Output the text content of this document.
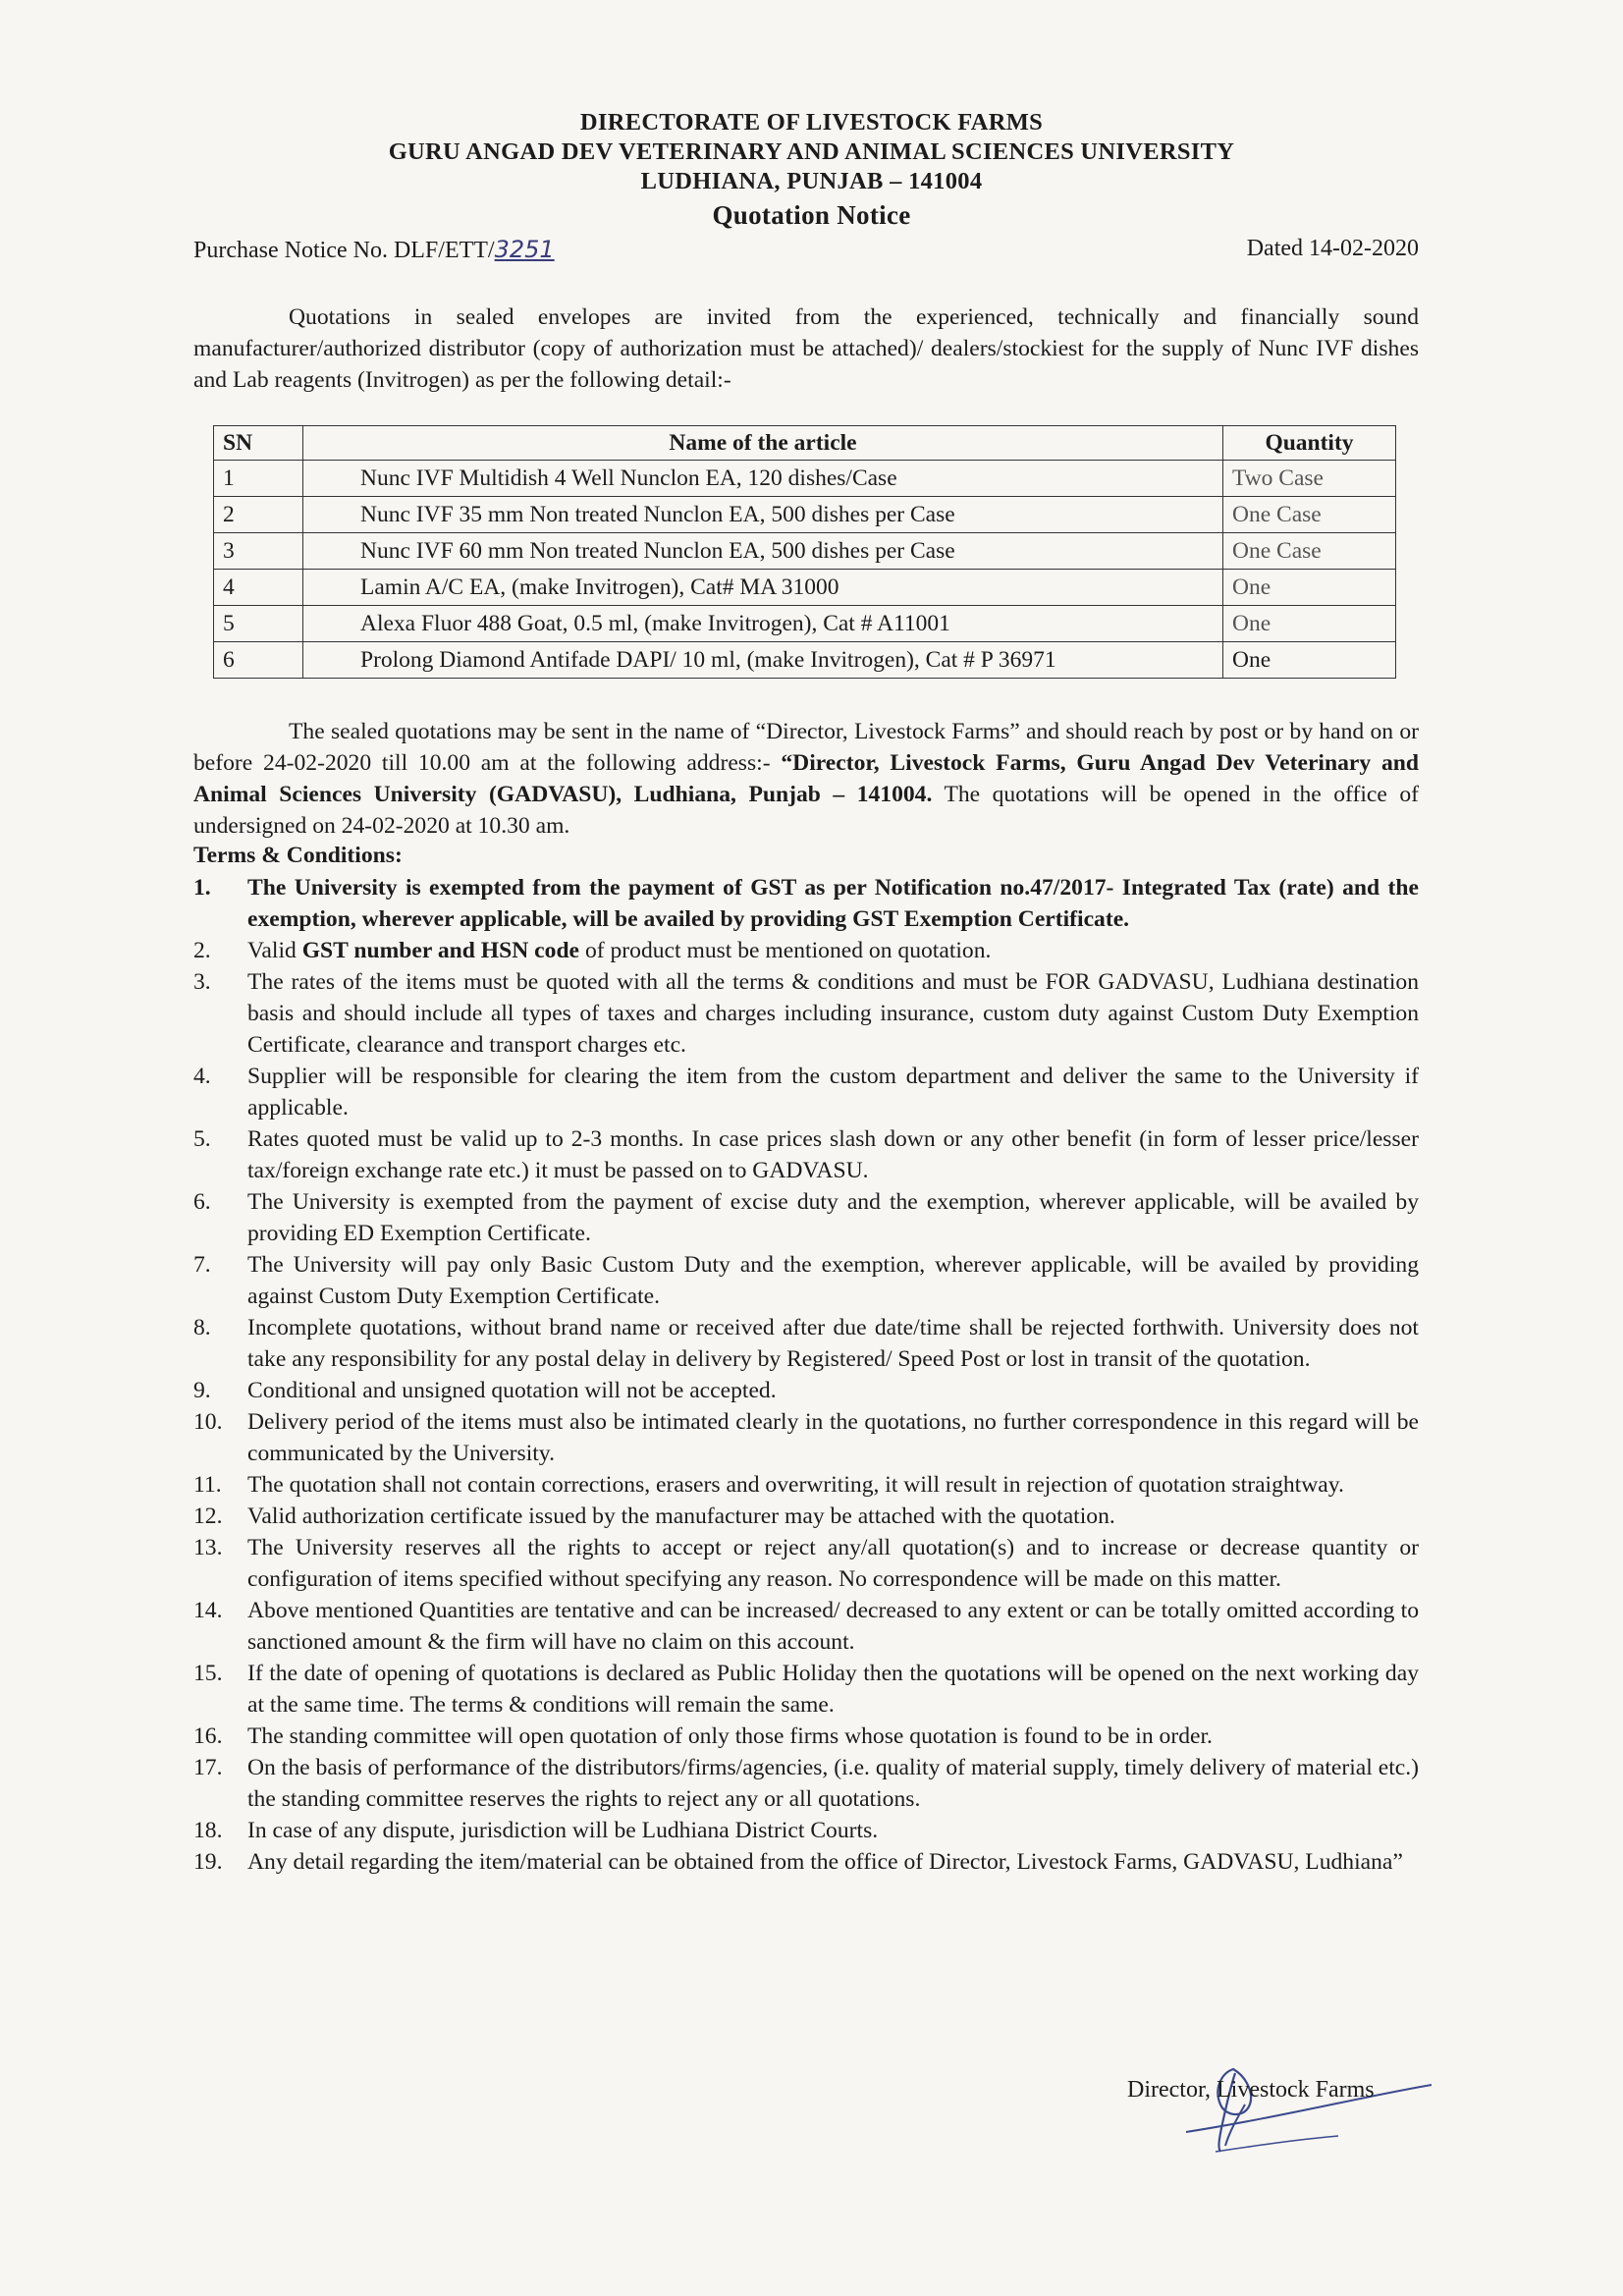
DIRECTORATE OF LIVESTOCK FARMS
GURU ANGAD DEV VETERINARY AND ANIMAL SCIENCES UNIVERSITY
LUDHIANA, PUNJAB – 141004
Quotation Notice
Purchase Notice No. DLF/ETT/3251	Dated 14-02-2020

Quotations in sealed envelopes are invited from the experienced, technically and financially sound manufacturer/authorized distributor (copy of authorization must be attached)/ dealers/stockiest for the supply of Nunc IVF dishes and Lab reagents (Invitrogen) as per the following detail:-

SN	Name of the article	Quantity
1	Nunc IVF Multidish 4 Well Nunclon EA, 120 dishes/Case	Two Case
2	Nunc IVF 35 mm Non treated Nunclon EA, 500 dishes per Case	One Case
3	Nunc IVF 60 mm Non treated Nunclon EA, 500 dishes per Case	One Case
4	Lamin A/C EA, (make Invitrogen), Cat# MA 31000	One
5	Alexa Fluor 488 Goat, 0.5 ml, (make Invitrogen), Cat # A11001	One
6	Prolong Diamond Antifade DAPI/ 10 ml, (make Invitrogen), Cat # P 36971	One

The sealed quotations may be sent in the name of “Director, Livestock Farms” and should reach by post or by hand on or before 24-02-2020 till 10.00 am at the following address:- “Director, Livestock Farms, Guru Angad Dev Veterinary and Animal Sciences University (GADVASU), Ludhiana, Punjab – 141004. The quotations will be opened in the office of undersigned on 24-02-2020 at 10.30 am.

Terms & Conditions:
1. The University is exempted from the payment of GST as per Notification no.47/2017- Integrated Tax (rate) and the exemption, wherever applicable, will be availed by providing GST Exemption Certificate.
2. Valid GST number and HSN code of product must be mentioned on quotation.
3. The rates of the items must be quoted with all the terms & conditions and must be FOR GADVASU, Ludhiana destination basis and should include all types of taxes and charges including insurance, custom duty against Custom Duty Exemption Certificate, clearance and transport charges etc.
4. Supplier will be responsible for clearing the item from the custom department and deliver the same to the University if applicable.
5. Rates quoted must be valid up to 2-3 months. In case prices slash down or any other benefit (in form of lesser price/lesser tax/foreign exchange rate etc.) it must be passed on to GADVASU.
6. The University is exempted from the payment of excise duty and the exemption, wherever applicable, will be availed by providing ED Exemption Certificate.
7. The University will pay only Basic Custom Duty and the exemption, wherever applicable, will be availed by providing against Custom Duty Exemption Certificate.
8. Incomplete quotations, without brand name or received after due date/time shall be rejected forthwith. University does not take any responsibility for any postal delay in delivery by Registered/ Speed Post or lost in transit of the quotation.
9. Conditional and unsigned quotation will not be accepted.
10. Delivery period of the items must also be intimated clearly in the quotations, no further correspondence in this regard will be communicated by the University.
11. The quotation shall not contain corrections, erasers and overwriting, it will result in rejection of quotation straightway.
12. Valid authorization certificate issued by the manufacturer may be attached with the quotation.
13. The University reserves all the rights to accept or reject any/all quotation(s) and to increase or decrease quantity or configuration of items specified without specifying any reason. No correspondence will be made on this matter.
14. Above mentioned Quantities are tentative and can be increased/ decreased to any extent or can be totally omitted according to sanctioned amount & the firm will have no claim on this account.
15. If the date of opening of quotations is declared as Public Holiday then the quotations will be opened on the next working day at the same time. The terms & conditions will remain the same.
16. The standing committee will open quotation of only those firms whose quotation is found to be in order.
17. On the basis of performance of the distributors/firms/agencies, (i.e. quality of material supply, timely delivery of material etc.) the standing committee reserves the rights to reject any or all quotations.
18. In case of any dispute, jurisdiction will be Ludhiana District Courts.
19. Any detail regarding the item/material can be obtained from the office of Director, Livestock Farms, GADVASU, Ludhiana”
Director, Livestock Farms
